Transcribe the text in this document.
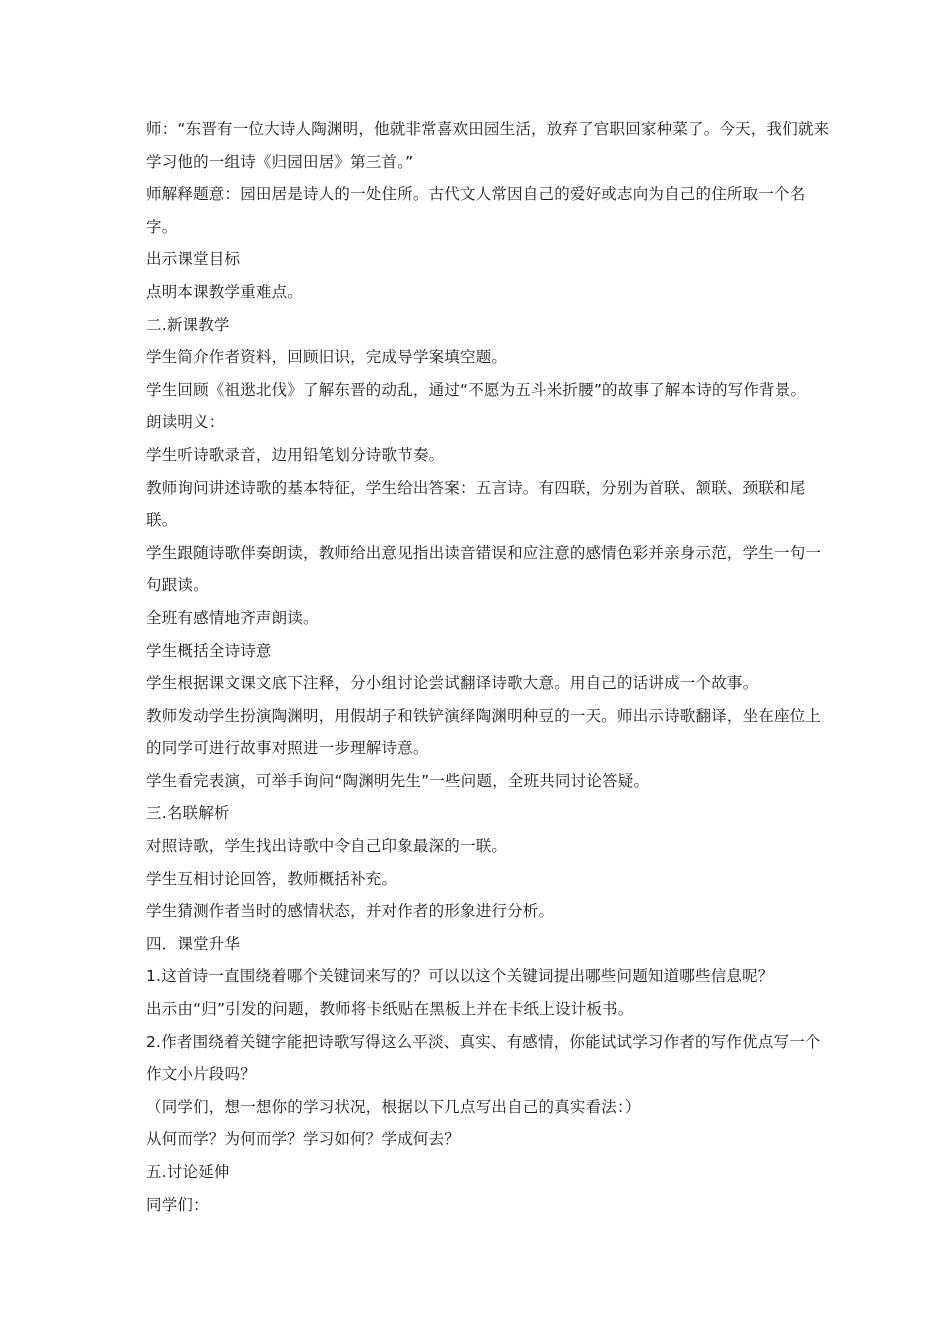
师：“东晋有一位大诗人陶渊明，他就非常喜欢田园生活，放弃了官职回家种菜了。今天，我们就来学习他的一组诗《归园田居》第三首。”

师解释题意：园田居是诗人的一处住所。古代文人常因自己的爱好或志向为自己的住所取一个名字。

出示课堂目标

点明本课教学重难点。

二.新课教学

学生简介作者资料，回顾旧识，完成导学案填空题。

学生回顾《祖逖北伐》了解东晋的动乱，通过“不愿为五斗米折腰”的故事了解本诗的写作背景。

朗读明义：

学生听诗歌录音，边用铅笔划分诗歌节奏。

教师询问讲述诗歌的基本特征，学生给出答案：五言诗。有四联，分别为首联、颔联、颈联和尾联。

学生跟随诗歌伴奏朗读，教师给出意见指出读音错误和应注意的感情色彩并亲身示范，学生一句一句跟读。

全班有感情地齐声朗读。

学生概括全诗诗意

学生根据课文课文底下注释，分小组讨论尝试翻译诗歌大意。用自己的话讲成一个故事。

教师发动学生扮演陶渊明，用假胡子和铁铲演绎陶渊明种豆的一天。师出示诗歌翻译，坐在座位上的同学可进行故事对照进一步理解诗意。

学生看完表演，可举手询问“陶渊明先生”一些问题，全班共同讨论答疑。

三.名联解析

对照诗歌，学生找出诗歌中令自己印象最深的一联。

学生互相讨论回答，教师概括补充。

学生猜测作者当时的感情状态，并对作者的形象进行分析。

四．课堂升华

1.这首诗一直围绕着哪个关键词来写的？可以以这个关键词提出哪些问题知道哪些信息呢？

出示由“归”引发的问题，教师将卡纸贴在黑板上并在卡纸上设计板书。

2.作者围绕着关键字能把诗歌写得这么平淡、真实、有感情，你能试试学习作者的写作优点写一个作文小片段吗？

（同学们，想一想你的学习状况，根据以下几点写出自己的真实看法：）

从何而学？为何而学？学习如何？学成何去？

五.讨论延伸

同学们：
